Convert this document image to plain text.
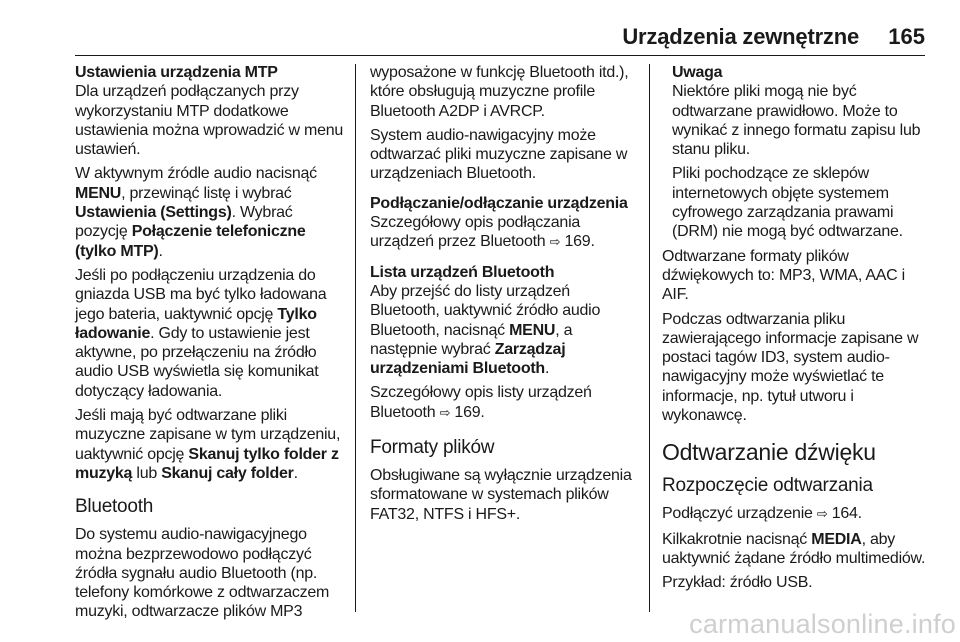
Urządzenia zewnętrzne 165
Ustawienia urządzenia MTP

Dla urządzeń podłączanych przy wykorzystaniu MTP dodatkowe ustawienia można wprowadzić w menu ustawień.

W aktywnym źródle audio nacisnąć MENU, przewinąć listę i wybrać Ustawienia (Settings). Wybrać pozycję Połączenie telefoniczne (tylko MTP).

Jeśli po podłączeniu urządzenia do gniazda USB ma być tylko ładowana jego bateria, uaktywnić opcję Tylko ładowanie. Gdy to ustawienie jest aktywne, po przełączeniu na źródło audio USB wyświetla się komunikat dotyczący ładowania.

Jeśli mają być odtwarzane pliki muzyczne zapisane w tym urządzeniu, uaktywnić opcję Skanuj tylko folder z muzyką lub Skanuj cały folder.

Bluetooth

Do systemu audio-nawigacyjnego można bezprzewodowo podłączyć źródła sygnału audio Bluetooth (np. telefony komórkowe z odtwarzaczem muzyki, odtwarzacze plików MP3

wyposażone w funkcję Bluetooth itd.), które obsługują muzyczne profile Bluetooth A2DP i AVRCP.

System audio-nawigacyjny może odtwarzać pliki muzyczne zapisane w urządzeniach Bluetooth.

Podłączanie/odłączanie urządzenia

Szczegółowy opis podłączania urządzeń przez Bluetooth ⇨ 169.

Lista urządzeń Bluetooth

Aby przejść do listy urządzeń Bluetooth, uaktywnić źródło audio Bluetooth, nacisnąć MENU, a następnie wybrać Zarządzaj urządzeniami Bluetooth.

Szczegółowy opis listy urządzeń Bluetooth ⇨ 169.

Formaty plików

Obsługiwane są wyłącznie urządzenia sformatowane w systemach plików FAT32, NTFS i HFS+.

Uwaga

Niektóre pliki mogą nie być odtwarzane prawidłowo. Może to wynikać z innego formatu zapisu lub stanu pliku.

Pliki pochodzące ze sklepów internetowych objęte systemem cyfrowego zarządzania prawami (DRM) nie mogą być odtwarzane.

Odtwarzane formaty plików dźwiękowych to: MP3, WMA, AAC i AIF.

Podczas odtwarzania pliku zawierającego informacje zapisane w postaci tagów ID3, system audio-nawigacyjny może wyświetlać te informacje, np. tytuł utworu i wykonawcę.

Odtwarzanie dźwięku
Rozpoczęcie odtwarzania

Podłączyć urządzenie ⇨ 164.

Kilkakrotnie nacisnąć MEDIA, aby uaktywnić żądane źródło multimediów.

Przykład: źródło USB.

carmanualsonline.info
